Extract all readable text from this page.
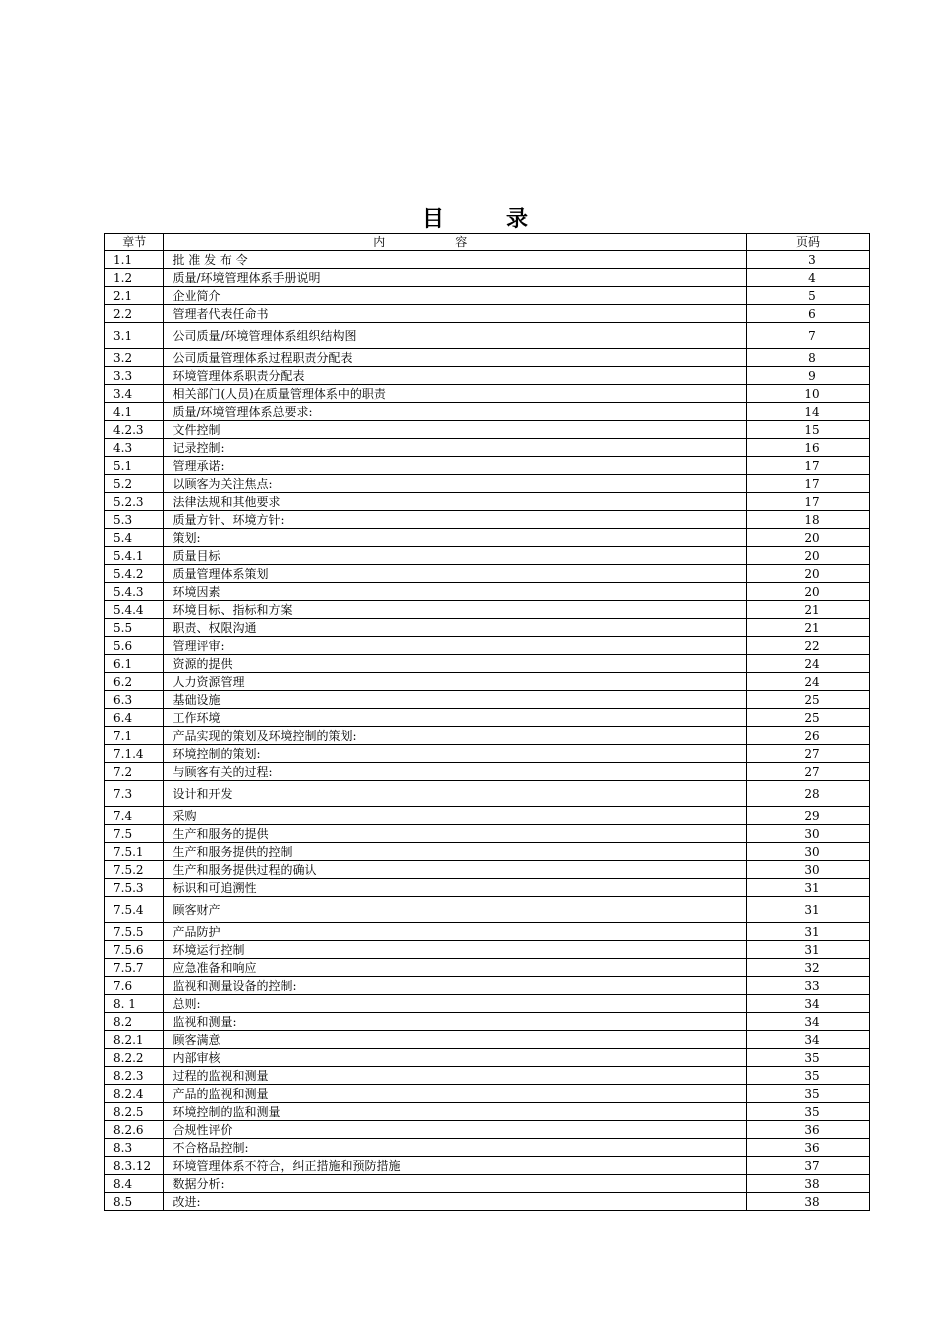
目录
章节	内容	页码
1.1	批 准 发 布 令	3
1.2	质量/环境管理体系手册说明	4
2.1	企业简介	5
2.2	管理者代表任命书	6
3.1	公司质量/环境管理体系组织结构图	7
3.2	公司质量管理体系过程职责分配表	8
3.3	环境管理体系职责分配表	9
3.4	相关部门(人员)在质量管理体系中的职责	10
4.1	质量/环境管理体系总要求:	14
4.2.3	文件控制	15
4.3	记录控制:	16
5.1	管理承诺:	17
5.2	以顾客为关注焦点:	17
5.2.3	法律法规和其他要求	17
5.3	质量方针、环境方针:	18
5.4	策划:	20
5.4.1	质量目标	20
5.4.2	质量管理体系策划	20
5.4.3	环境因素	20
5.4.4	环境目标、指标和方案	21
5.5	职责、权限沟通	21
5.6	管理评审:	22
6.1	资源的提供	24
6.2	人力资源管理	24
6.3	基础设施	25
6.4	工作环境	25
7.1	产品实现的策划及环境控制的策划:	26
7.1.4	环境控制的策划:	27
7.2	与顾客有关的过程:	27
7.3	设计和开发	28
7.4	采购	29
7.5	生产和服务的提供	30
7.5.1	生产和服务提供的控制	30
7.5.2	生产和服务提供过程的确认	30
7.5.3	标识和可追溯性	31
7.5.4	顾客财产	31
7.5.5	产品防护	31
7.5.6	环境运行控制	31
7.5.7	应急准备和响应	32
7.6	监视和测量设备的控制:	33
8. 1	总则:	34
8.2	监视和测量:	34
8.2.1	顾客满意	34
8.2.2	内部审核	35
8.2.3	过程的监视和测量	35
8.2.4	产品的监视和测量	35
8.2.5	环境控制的监和测量	35
8.2.6	合规性评价	36
8.3	不合格品控制:	36
8.3.12	环境管理体系不符合，纠正措施和预防措施	37
8.4	数据分析:	38
8.5	改进:	38
